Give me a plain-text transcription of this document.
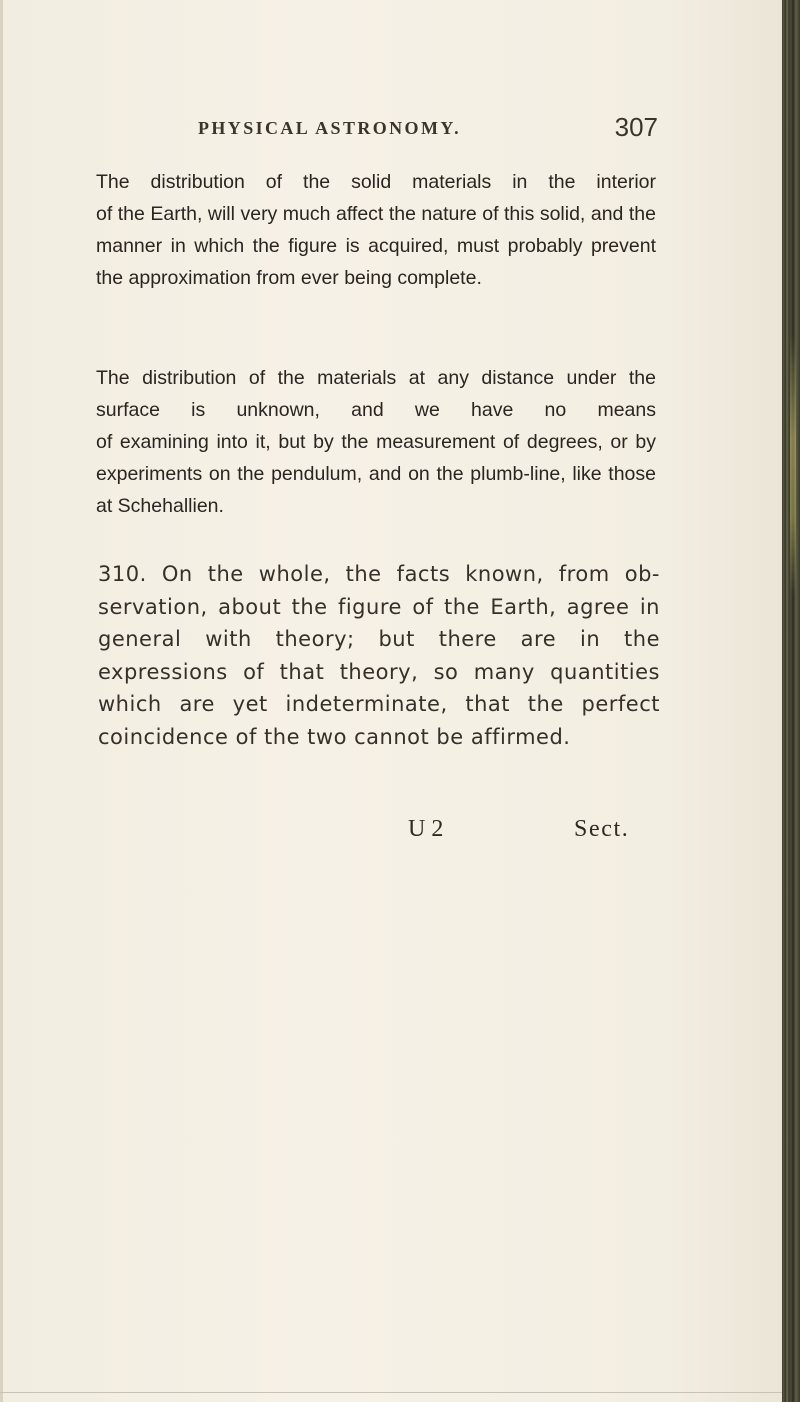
PHYSICAL ASTRONOMY.	307

The distribution of the solid materials in the interior
of the Earth, will very much affect the nature of this solid, and the manner in which the figure is acquired, must probably prevent the approximation from ever being complete.

The distribution of the materials at any distance under the surface is unknown, and we have no means
of examining into it, but by the measurement of degrees, or by experiments on the pendulum, and on the plumb-line, like those at Schehallien.

310. On the whole, the facts known, from ob-
servation, about the figure of the Earth, agree in general with theory; but there are in the expressions of that theory, so many quantities which are yet indeterminate, that the perfect coincidence of the two cannot be affirmed.

U 2	Sect.
